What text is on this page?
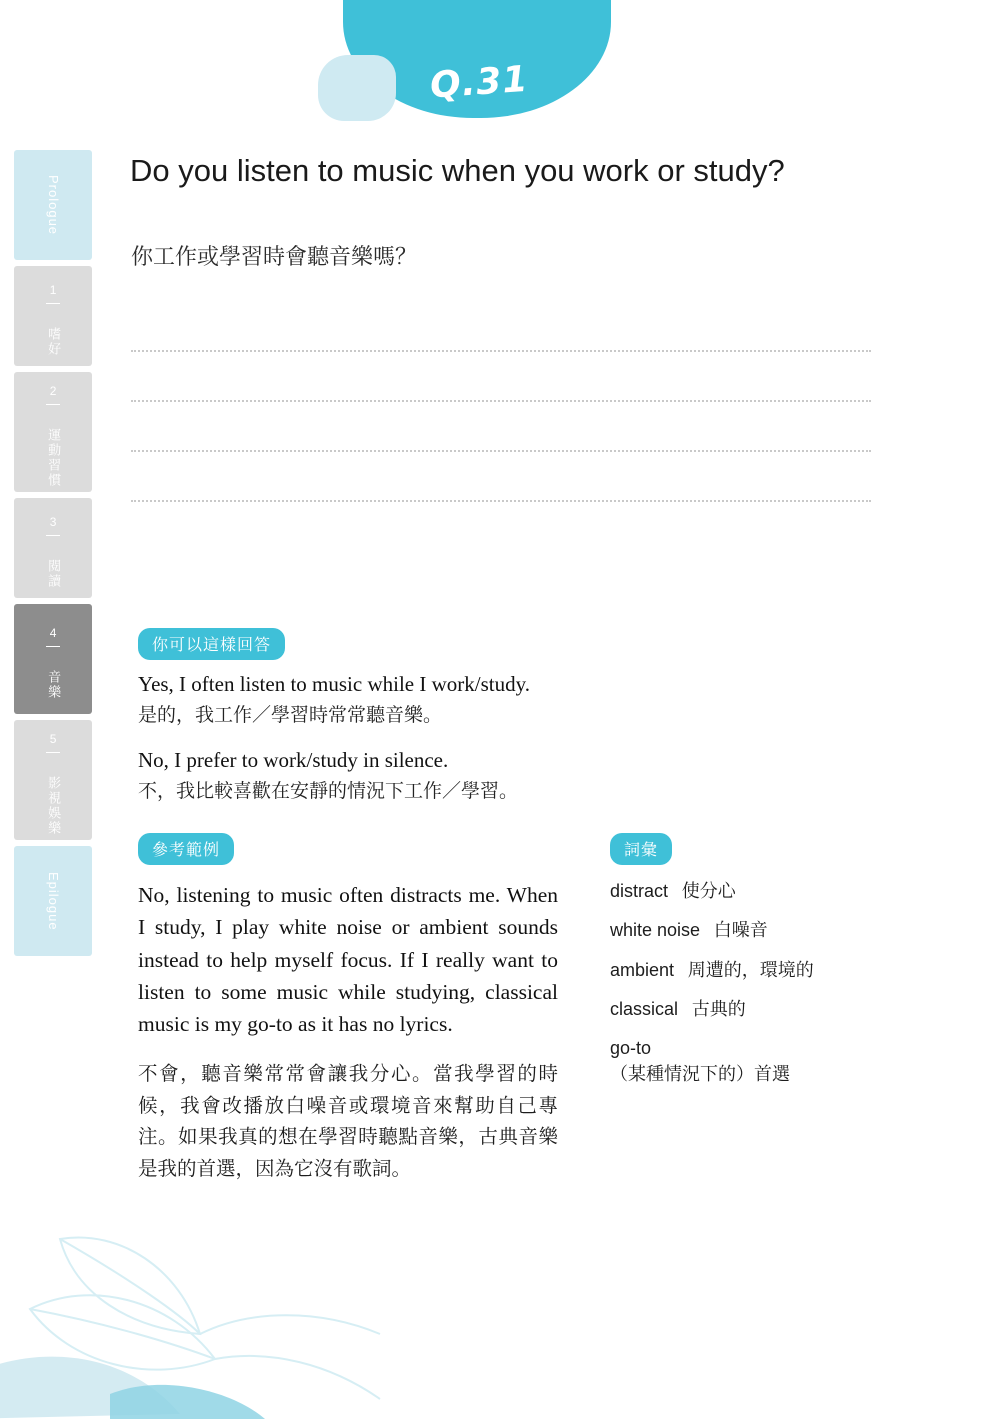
Q.31
Prologue
1 嗜好
2 運動習慣
3 閱讀
4 音樂
5 影視娛樂
Epilogue
Do you listen to music when you work or study?
你工作或學習時會聽音樂嗎？
你可以這樣回答
Yes, I often listen to music while I work/study.
是的，我工作／學習時常常聽音樂。
No, I prefer to work/study in silence.
不，我比較喜歡在安靜的情況下工作／學習。
參考範例
No, listening to music often distracts me. When I study, I play white noise or ambient sounds instead to help myself focus. If I really want to listen to some music while studying, classical music is my go-to as it has no lyrics.
不會，聽音樂常常會讓我分心。當我學習的時候，我會改播放白噪音或環境音來幫助自己專注。如果我真的想在學習時聽點音樂，古典音樂是我的首選，因為它沒有歌詞。
詞彙
distract 使分心
white noise 白噪音
ambient 周遭的，環境的
classical 古典的
go-to
（某種情況下的）首選
